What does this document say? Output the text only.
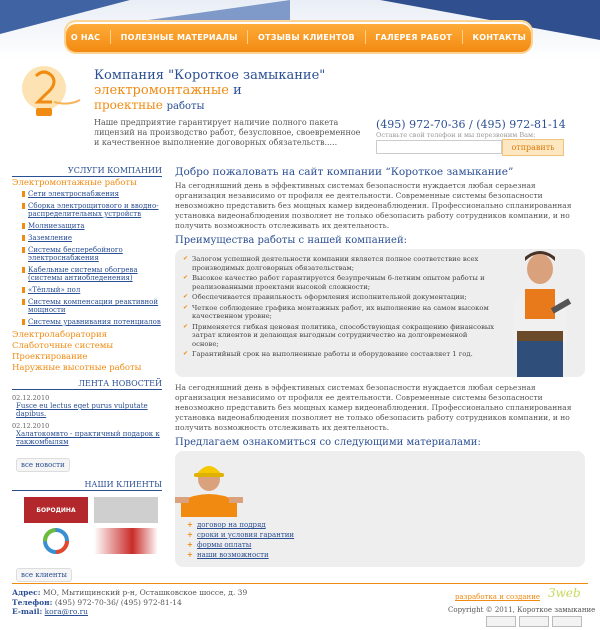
О НАС	ПОЛЕЗНЫЕ МАТЕРИАЛЫ	ОТЗЫВЫ КЛИЕНТОВ	ГАЛЕРЕЯ РАБОТ	КОНТАКТЫ
Компания "Короткое замыкание"
электромонтажные и
проектные работы
Наше предприятие гарантирует наличие полного пакета лицензий на производство работ, безусловное, своевременное и качественное выполнение договорных обязательств.....
(495) 972-70-36 / (495) 972-81-14
Оставьте свой телефон и мы перезвоним Вам:
отправить
УСЛУГИ КОМПАНИИ
Электромонтажные работы
Сети электроснабжения
Сборка электрощитового и вводно-распределительных устройств
Молниезащита
Заземление
Системы бесперебойного электроснабжения
Кабельные системы обогрева (системы антиобледенения)
«Тёплый» пол
Системы компенсации реактивной мощности
Системы уравнивания потенциалов
Электролаборатория
Слаботочные системы
Проектирование
Наружные высотные работы
ЛЕНТА НОВОСТЕЙ
02.12.2010
Fusce eu lectus eget purus vulputate dapibus.
02.12.2010
Халатокомвто - практичный подарок к такжомбылям
все новости
НАШИ КЛИЕНТЫ
БОРОДИНА
все клиенты
Добро пожаловать на сайт компании “Короткое замыкание”
На сегодняшний день в эффективных системах безопасности нуждается любая серьезная организация независимо от профиля ее деятельности. Современные системы безопасности невозможно представить без мощных камер видеонаблюдения. Профессионально спланированная установка видеонаблюдения позволяет не только обезопасить работу сотрудников компании, и но получить возможность отслеживать их деятельность.
Преимущества работы с нашей компанией:
✔ Залогом успешной деятельности компании является полное соответствие всех производимых долговорных обязательствам;
✔ Высокое качество работ гарантируется безупречным 6-летним опытом работы и реализованными проектами высокой сложности;
✔ Обеспечивается правильность оформления исполнительной документации;
✔ Четкое соблюдение графика монтажных работ, их выполнение на самом высоком качественном уровне;
✔ Применяется гибкая ценовая политика, способствующая сокращению финансовых затрат клиентов и делающая выгодным сотрудничество на долговременной основе;
✔ Гарантийный срок на выполненные работы и оборудование составляет 1 год.
На сегодняшний день в эффективных системах безопасности нуждается любая серьезная организация независимо от профиля ее деятельности. Современные системы безопасности невозможно представить без мощных камер видеонаблюдения. Профессионально спланированная установка видеонаблюдения позволяет не только обезопасить работу сотрудников компании, и но получить возможность отслеживать их деятельность.
Предлагаем ознакомиться со следующими материалами:
+ договор на подряд
+ сроки и условия гарантии
+ формы оплаты
+ наши возможности
Адрес: МО, Мытищинский р-н, Осташковское шоссе, д. 39
Телефон: (495) 972-70-36/ (495) 972-81-14
E-mail: kora@ro.ru
разработка и создание 3web
Copyright © 2011, Короткое замыкание
